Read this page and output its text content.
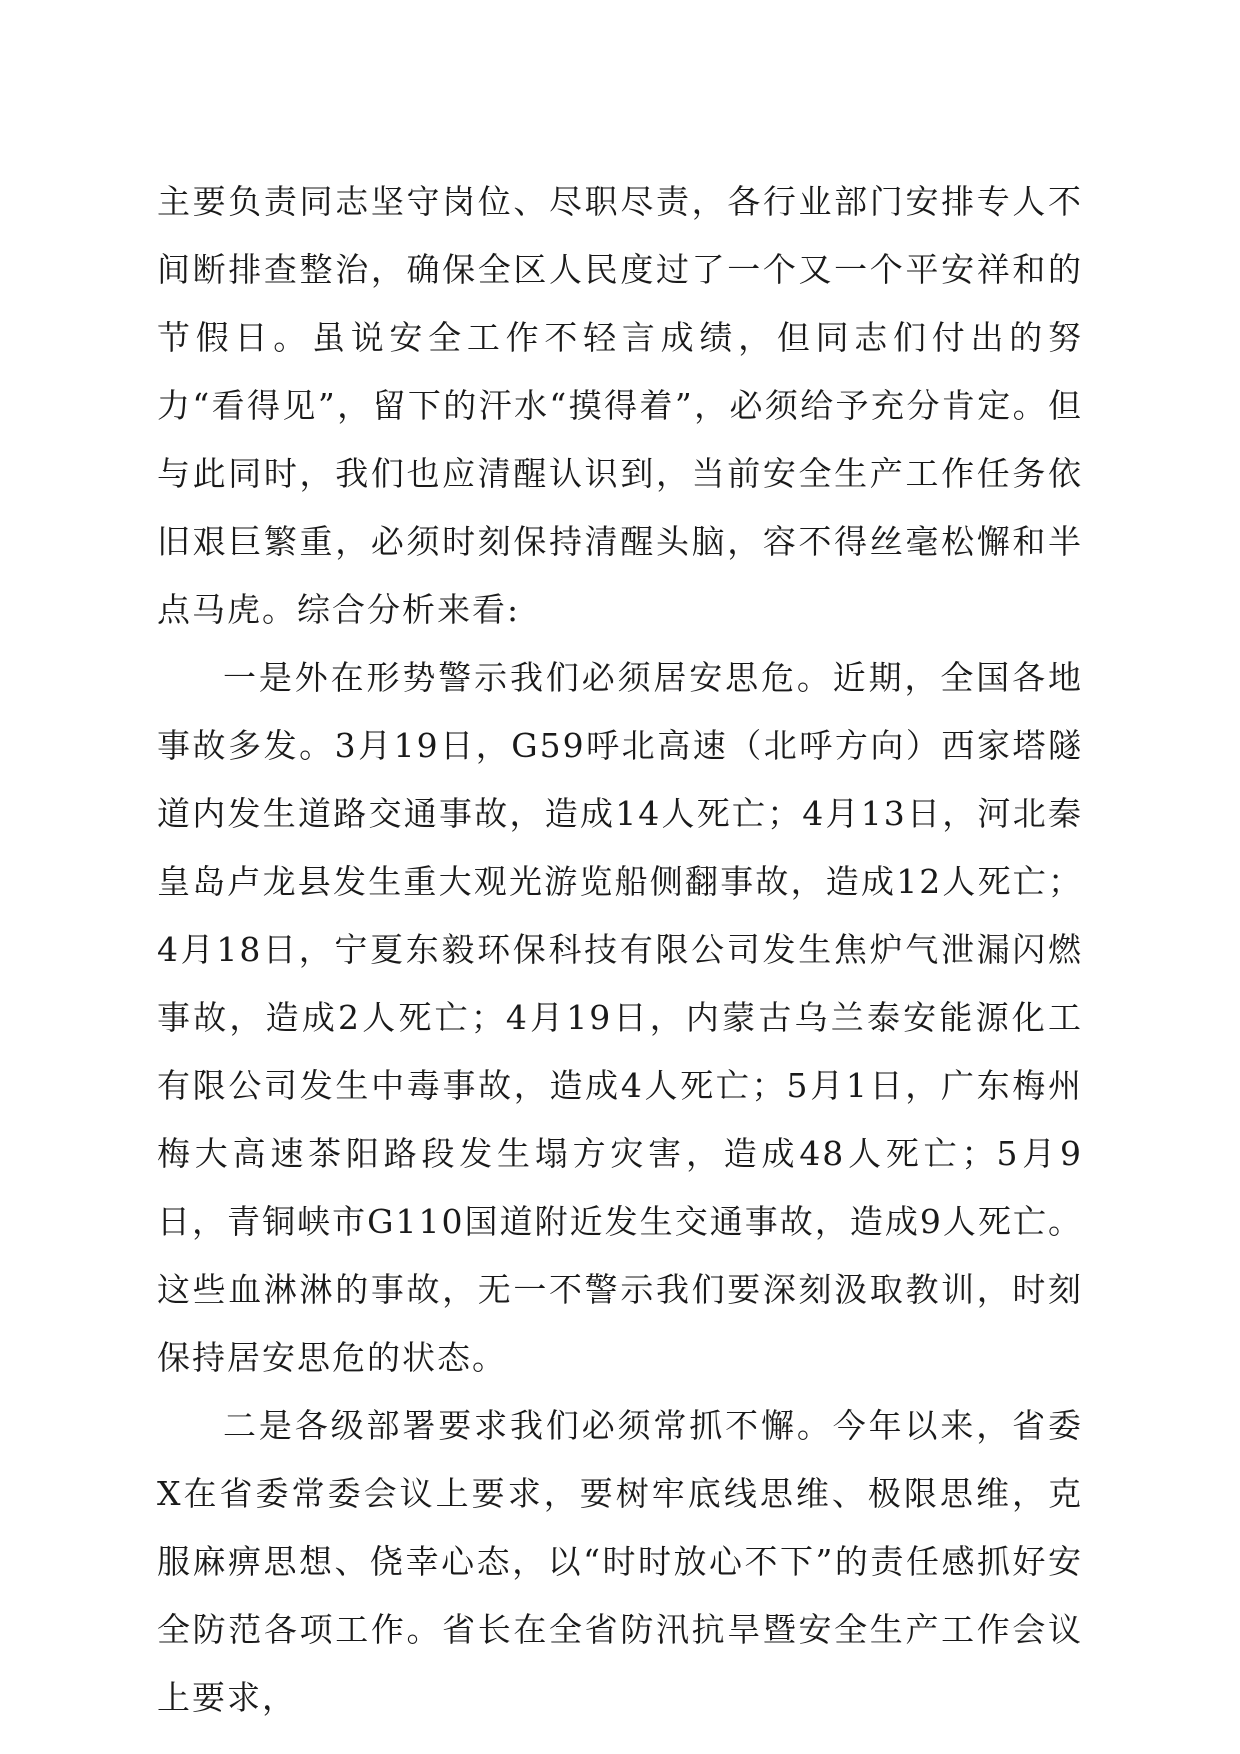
主要负责同志坚守岗位、尽职尽责，各行业部门安排专人不间断排查整治，确保全区人民度过了一个又一个平安祥和的节假日。虽说安全工作不轻言成绩，但同志们付出的努力“看得见”，留下的汗水“摸得着”，必须给予充分肯定。但与此同时，我们也应清醒认识到，当前安全生产工作任务依旧艰巨繁重，必须时刻保持清醒头脑，容不得丝毫松懈和半点马虎。综合分析来看:

一是外在形势警示我们必须居安思危。近期，全国各地事故多发。3月19日，G59呼北高速（北呼方向）西家塔隧道内发生道路交通事故，造成14人死亡；4月13日，河北秦皇岛卢龙县发生重大观光游览船侧翻事故，造成12人死亡；4月18日，宁夏东毅环保科技有限公司发生焦炉气泄漏闪燃事故，造成2人死亡；4月19日，内蒙古乌兰泰安能源化工有限公司发生中毒事故，造成4人死亡；5月1日，广东梅州梅大高速茶阳路段发生塌方灾害，造成48人死亡；5月9日，青铜峡市G110国道附近发生交通事故，造成9人死亡。这些血淋淋的事故，无一不警示我们要深刻汲取教训，时刻保持居安思危的状态。

二是各级部署要求我们必须常抓不懈。今年以来，省委X在省委常委会议上要求，要树牢底线思维、极限思维，克服麻痹思想、侥幸心态，以“时时放心不下”的责任感抓好安全防范各项工作。省长在全省防汛抗旱暨安全生产工作会议上要求，
